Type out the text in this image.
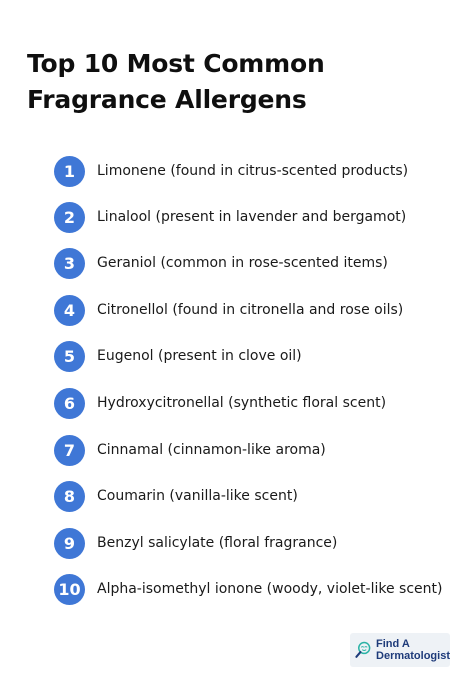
Top 10 Most Common Fragrance Allergens
1	Limonene (found in citrus-scented products)
2	Linalool (present in lavender and bergamot)
3	Geraniol (common in rose-scented items)
4	Citronellol (found in citronella and rose oils)
5	Eugenol (present in clove oil)
6	Hydroxycitronellal (synthetic floral scent)
7	Cinnamal (cinnamon-like aroma)
8	Coumarin (vanilla-like scent)
9	Benzyl salicylate (floral fragrance)
10	Alpha-isomethyl ionone (woody, violet-like scent)
Find A
Dermatologist
